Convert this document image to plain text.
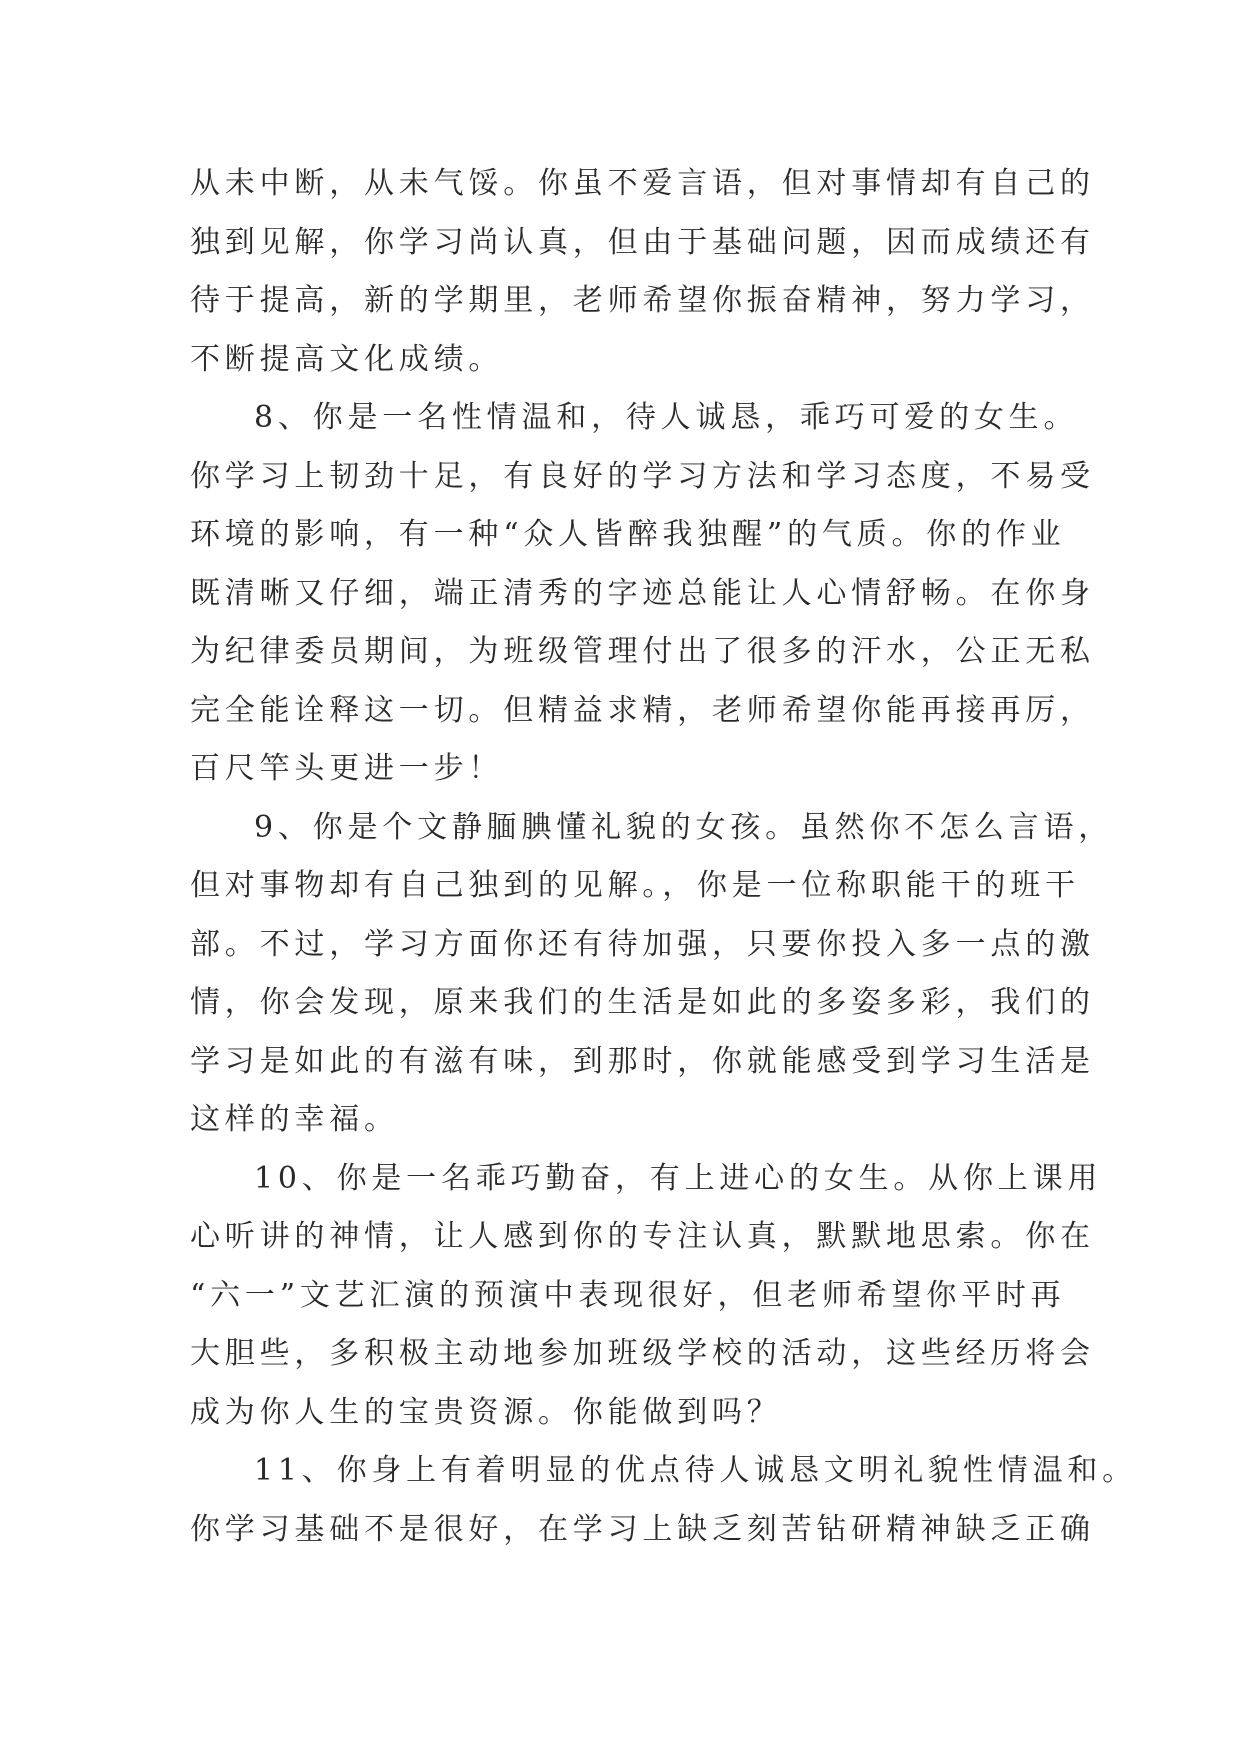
从未中断，从未气馁。你虽不爱言语，但对事情却有自己的
独到见解，你学习尚认真，但由于基础问题，因而成绩还有
待于提高，新的学期里，老师希望你振奋精神，努力学习，
不断提高文化成绩。
8、你是一名性情温和，待人诚恳，乖巧可爱的女生。
你学习上韧劲十足，有良好的学习方法和学习态度，不易受
环境的影响，有一种“众人皆醉我独醒”的气质。你的作业
既清晰又仔细，端正清秀的字迹总能让人心情舒畅。在你身
为纪律委员期间，为班级管理付出了很多的汗水，公正无私
完全能诠释这一切。但精益求精，老师希望你能再接再厉，
百尺竿头更进一步！
9、你是个文静腼腆懂礼貌的女孩。虽然你不怎么言语，
但对事物却有自己独到的见解。，你是一位称职能干的班干
部。不过，学习方面你还有待加强，只要你投入多一点的激
情，你会发现，原来我们的生活是如此的多姿多彩，我们的
学习是如此的有滋有味，到那时，你就能感受到学习生活是
这样的幸福。
10、你是一名乖巧勤奋，有上进心的女生。从你上课用
心听讲的神情，让人感到你的专注认真，默默地思索。你在
“六一”文艺汇演的预演中表现很好，但老师希望你平时再
大胆些，多积极主动地参加班级学校的活动，这些经历将会
成为你人生的宝贵资源。你能做到吗？
11、你身上有着明显的优点待人诚恳文明礼貌性情温和。
你学习基础不是很好，在学习上缺乏刻苦钻研精神缺乏正确
